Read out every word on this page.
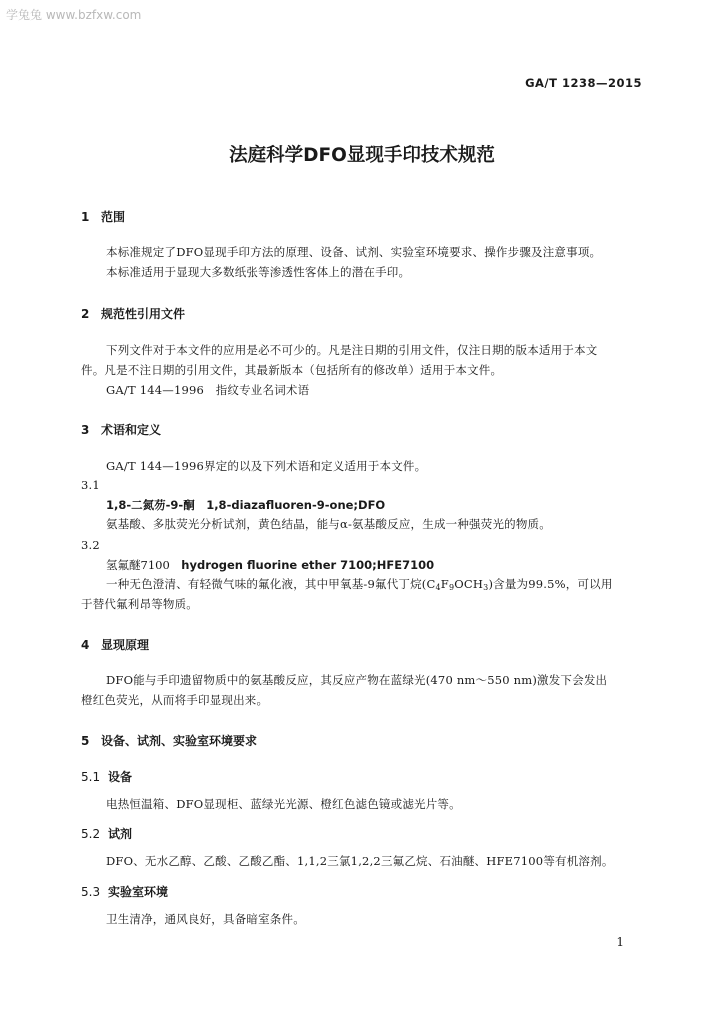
学兔兔 www.bzfxw.com
GA/T 1238—2015
法庭科学DFO显现手印技术规范
1 范围
本标准规定了DFO显现手印方法的原理、设备、试剂、实验室环境要求、操作步骤及注意事项。
本标准适用于显现大多数纸张等渗透性客体上的潜在手印。
2 规范性引用文件
下列文件对于本文件的应用是必不可少的。凡是注日期的引用文件，仅注日期的版本适用于本文
件。凡是不注日期的引用文件，其最新版本（包括所有的修改单）适用于本文件。
GA/T 144—1996　指纹专业名词术语
3 术语和定义
GA/T 144—1996界定的以及下列术语和定义适用于本文件。
3.1
1,8-二氮芴-9-酮　1,8-diazafluoren-9-one;DFO
氨基酸、多肽荧光分析试剂，黄色结晶，能与α-氨基酸反应，生成一种强荧光的物质。
3.2
氢氟醚7100　 hydrogen fluorine ether 7100;HFE7100
一种无色澄清、有轻微气味的氟化液，其中甲氧基-9氟代丁烷$(C_4F_9OCH_3)$含量为99.5%，可以用
于替代氟利昂等物质。
4 显现原理
DFO能与手印遗留物质中的氨基酸反应，其反应产物在蓝绿光(470 nm～550 nm)激发下会发出
橙红色荧光，从而将手印显现出来。
5 设备、试剂、实验室环境要求
5.1 设备
电热恒温箱、DFO显现柜、蓝绿光光源、橙红色滤色镜或滤光片等。
5.2 试剂
DFO、无水乙醇、乙酸、乙酸乙酯、1,1,2三氯1,2,2三氟乙烷、石油醚、HFE7100等有机溶剂。
5.3 实验室环境
卫生清净，通风良好，具备暗室条件。
1
